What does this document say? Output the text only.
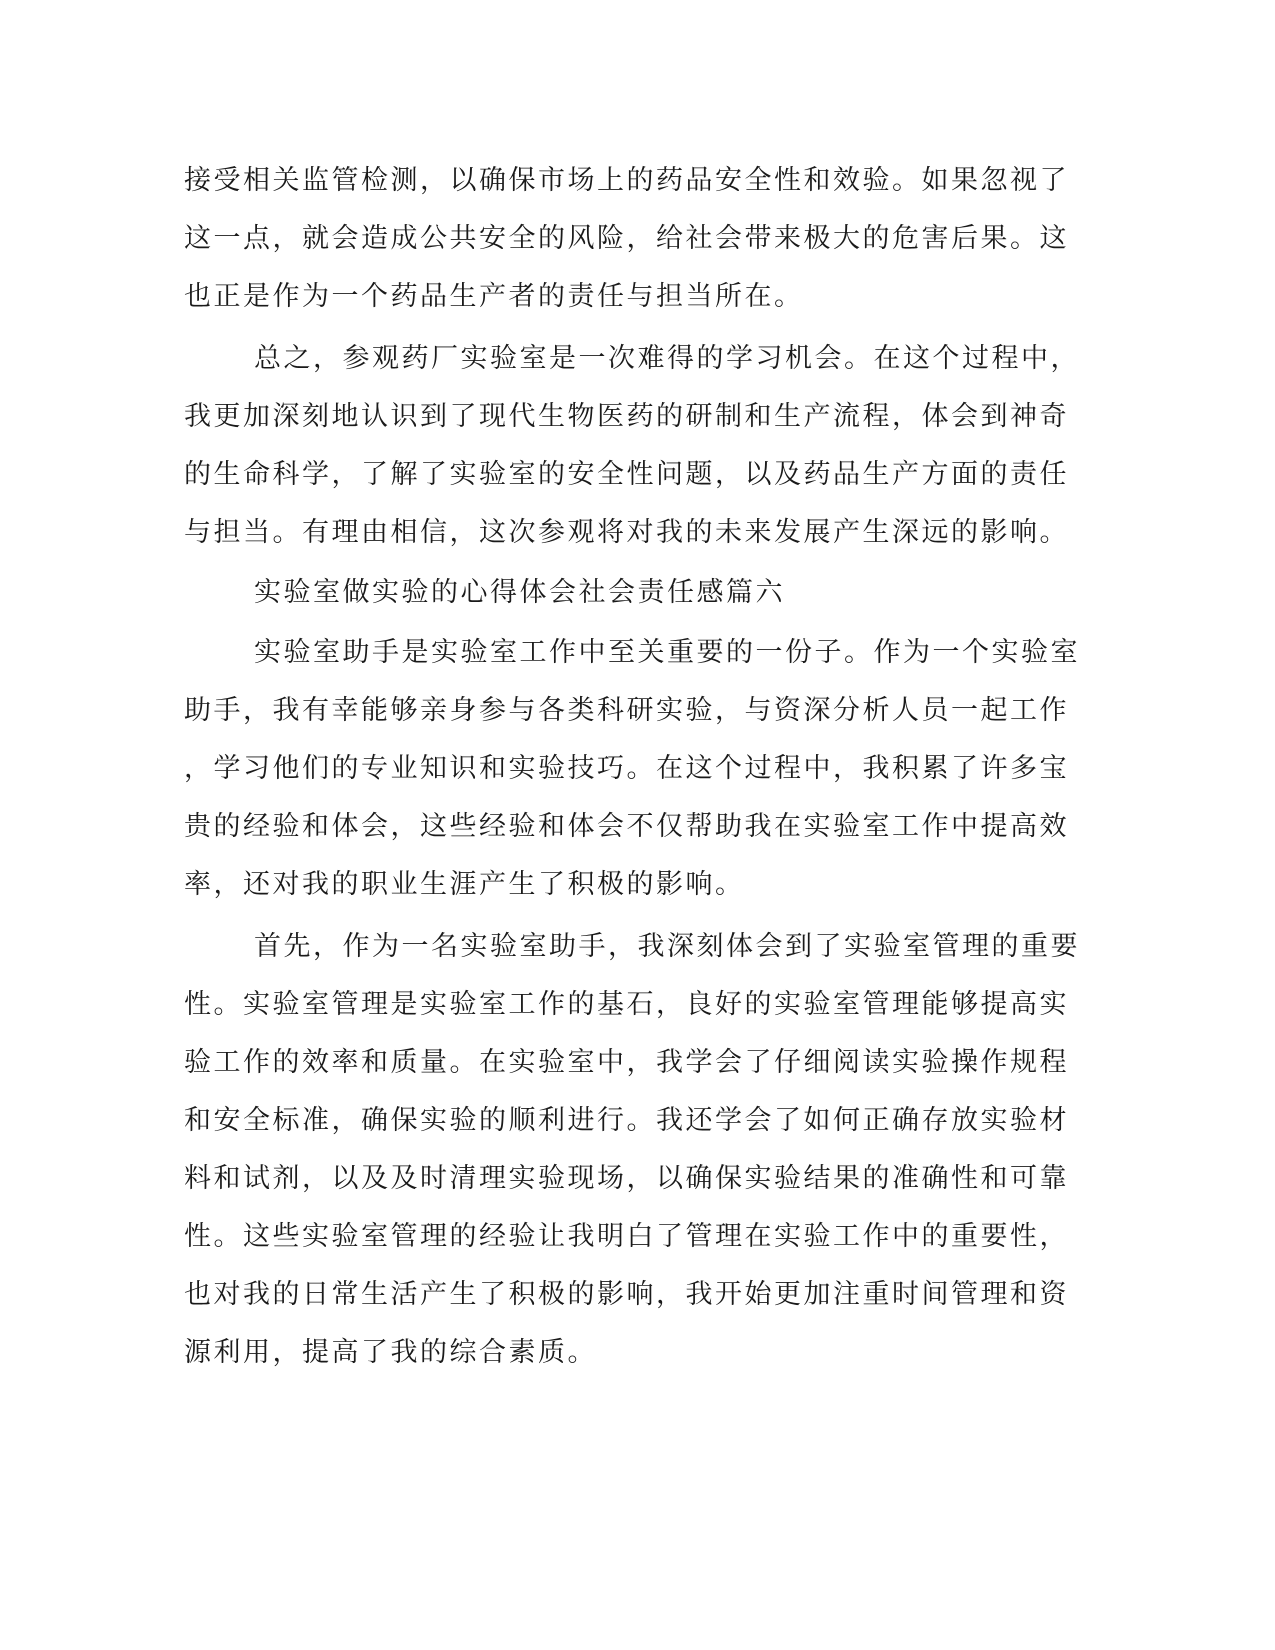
接受相关监管检测，以确保市场上的药品安全性和效验。如果忽视了
这一点，就会造成公共安全的风险，给社会带来极大的危害后果。这
也正是作为一个药品生产者的责任与担当所在。
总之，参观药厂实验室是一次难得的学习机会。在这个过程中，
我更加深刻地认识到了现代生物医药的研制和生产流程，体会到神奇
的生命科学，了解了实验室的安全性问题，以及药品生产方面的责任
与担当。有理由相信，这次参观将对我的未来发展产生深远的影响。
实验室做实验的心得体会社会责任感篇六
实验室助手是实验室工作中至关重要的一份子。作为一个实验室
助手，我有幸能够亲身参与各类科研实验，与资深分析人员一起工作
，学习他们的专业知识和实验技巧。在这个过程中，我积累了许多宝
贵的经验和体会，这些经验和体会不仅帮助我在实验室工作中提高效
率，还对我的职业生涯产生了积极的影响。
首先，作为一名实验室助手，我深刻体会到了实验室管理的重要
性。实验室管理是实验室工作的基石，良好的实验室管理能够提高实
验工作的效率和质量。在实验室中，我学会了仔细阅读实验操作规程
和安全标准，确保实验的顺利进行。我还学会了如何正确存放实验材
料和试剂，以及及时清理实验现场，以确保实验结果的准确性和可靠
性。这些实验室管理的经验让我明白了管理在实验工作中的重要性，
也对我的日常生活产生了积极的影响，我开始更加注重时间管理和资
源利用，提高了我的综合素质。
